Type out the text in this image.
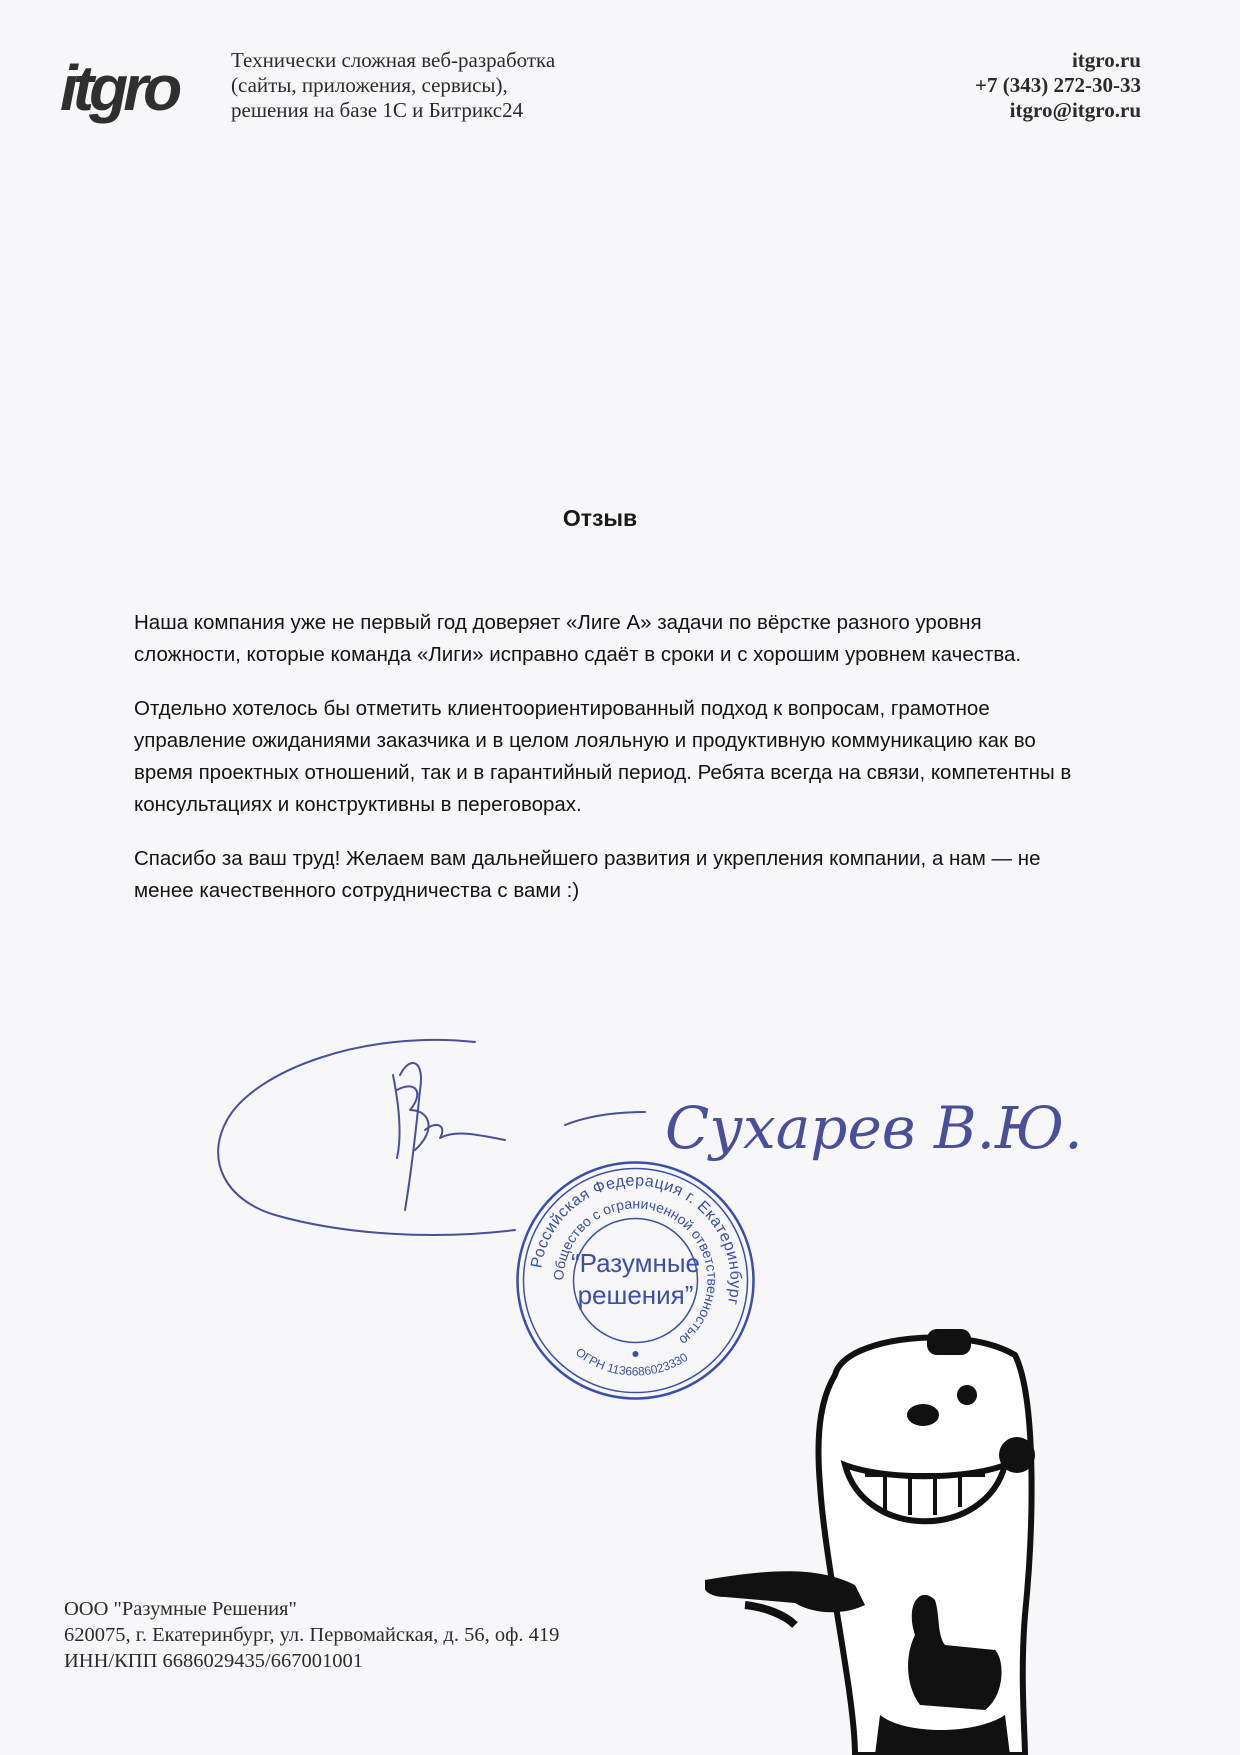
itgro	Технически сложная веб-разработка
(сайты, приложения, сервисы),
решения на базе 1С и Битрикс24
itgro.ru
+7 (343) 272-30-33
itgro@itgro.ru
Отзыв

Наша компания уже не первый год доверяет «Лиге А» задачи по вёрстке разного уровня сложности, которые команда «Лиги» исправно сдаёт в сроки и с хорошим уровнем качества.

Отдельно хотелось бы отметить клиентоориентированный подход к вопросам, грамотное управление ожиданиями заказчика и в целом лояльную и продуктивную коммуникацию как во время проектных отношений, так и в гарантийный период. Ребята всегда на связи, компетентны в консультациях и конструктивны в переговорах.

Спасибо за ваш труд! Желаем вам дальнейшего развития и укрепления компании, а нам — не менее качественного сотрудничества с вами :)

Сухарев В.Ю.
Российская Федерация г. Екатеринбург
Общество с ограниченной ответственностью
ОГРН 1136686023330
“Разумные
решения”
ООО "Разумные Решения"
620075, г. Екатеринбург, ул. Первомайская, д. 56, оф. 419
ИНН/КПП 6686029435/667001001
